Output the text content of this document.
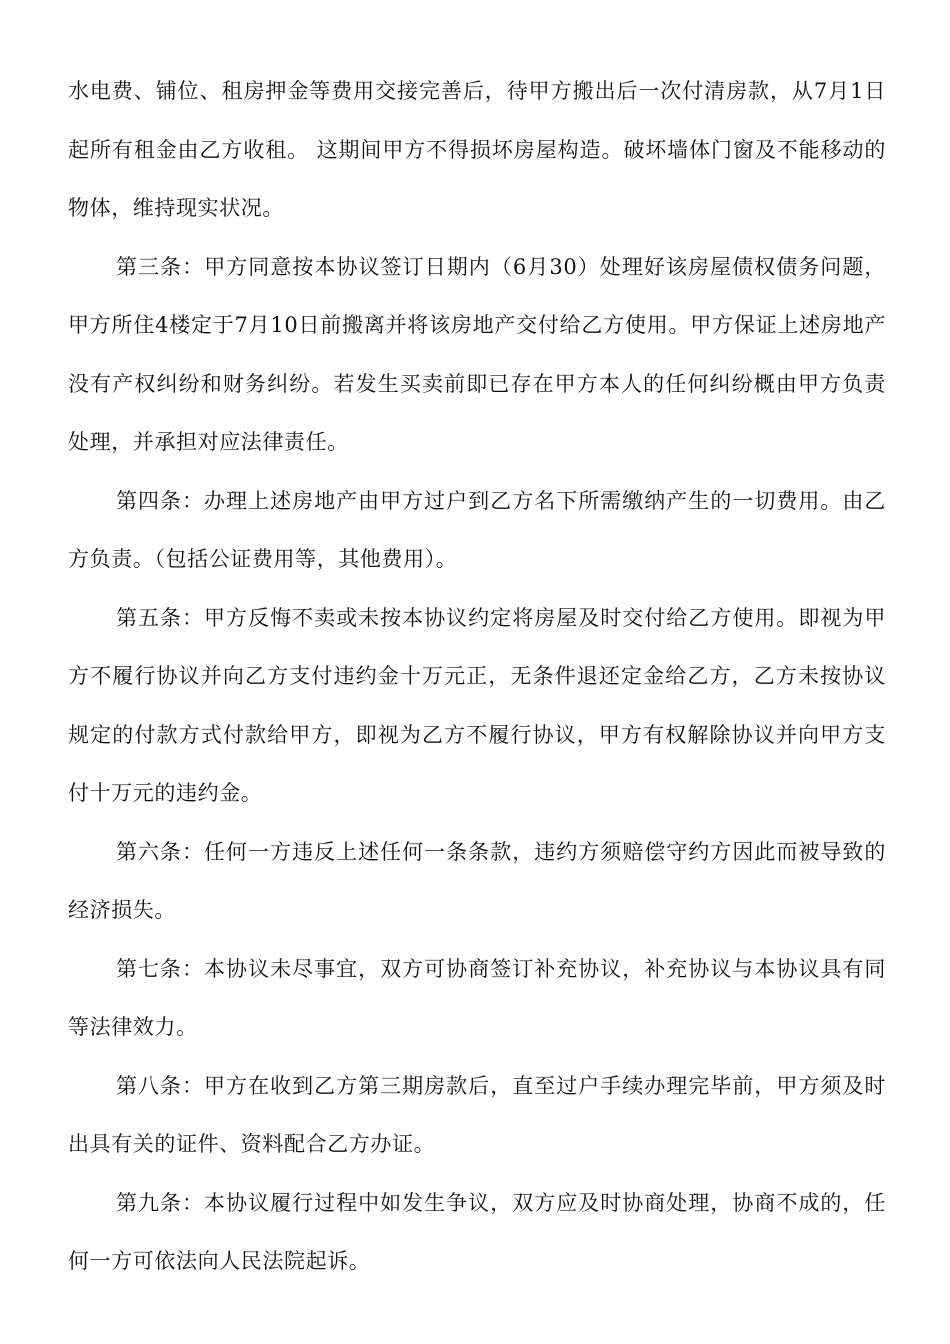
水电费、铺位、租房押金等费用交接完善后，待甲方搬出后一次付清房款，从7月1日起所有租金由乙方收租。 这期间甲方不得损坏房屋构造。破坏墙体门窗及不能移动的物体，维持现实状况。

第三条：甲方同意按本协议签订日期内（6月30）处理好该房屋债权债务问题，甲方所住4楼定于7月10日前搬离并将该房地产交付给乙方使用。甲方保证上述房地产没有产权纠纷和财务纠纷。若发生买卖前即已存在甲方本人的任何纠纷概由甲方负责处理，并承担对应法律责任。

第四条：办理上述房地产由甲方过户到乙方名下所需缴纳产生的一切费用。由乙方负责。（包括公证费用等，其他费用）。

第五条：甲方反悔不卖或未按本协议约定将房屋及时交付给乙方使用。即视为甲方不履行协议并向乙方支付违约金十万元正，无条件退还定金给乙方，乙方未按协议规定的付款方式付款给甲方，即视为乙方不履行协议，甲方有权解除协议并向甲方支付十万元的违约金。

第六条：任何一方违反上述任何一条条款，违约方须赔偿守约方因此而被导致的经济损失。

第七条：本协议未尽事宜，双方可协商签订补充协议，补充协议与本协议具有同等法律效力。

第八条：甲方在收到乙方第三期房款后，直至过户手续办理完毕前，甲方须及时出具有关的证件、资料配合乙方办证。

第九条：本协议履行过程中如发生争议，双方应及时协商处理，协商不成的，任何一方可依法向人民法院起诉。
